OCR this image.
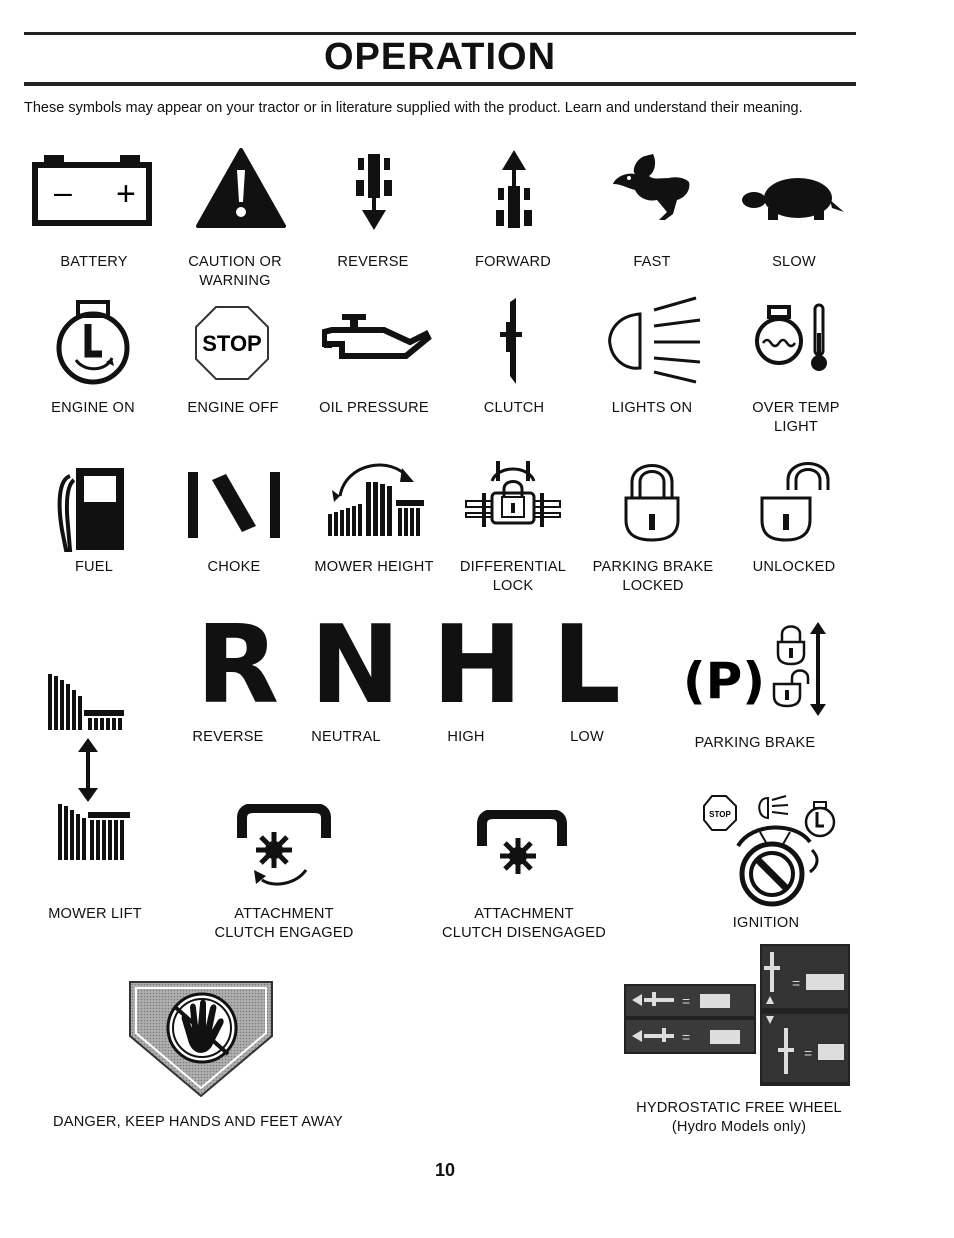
OPERATION
These symbols may appear on your tractor or in literature supplied with the product. Learn and understand their meaning.
– +
BATTERY	CAUTION OR
WARNING
REVERSE	FORWARD	FAST	SLOW
STOP
ENGINE ON	ENGINE OFF	OIL PRESSURE	CLUTCH	LIGHTS ON	OVER TEMP
LIGHT
FUEL	CHOKE	MOWER HEIGHT	DIFFERENTIAL
LOCK
PARKING BRAKE
LOCKED
UNLOCKED
R N H L (P)
REVERSE	NEUTRAL	HIGH	LOW	PARKING BRAKE
STOP
MOWER LIFT	ATTACHMENT
CLUTCH ENGAGED
ATTACHMENT
CLUTCH DISENGAGED
IGNITION
=
=
=
=
DANGER, KEEP HANDS AND FEET AWAY
HYDROSTATIC FREE WHEEL
(Hydro Models only)
10
